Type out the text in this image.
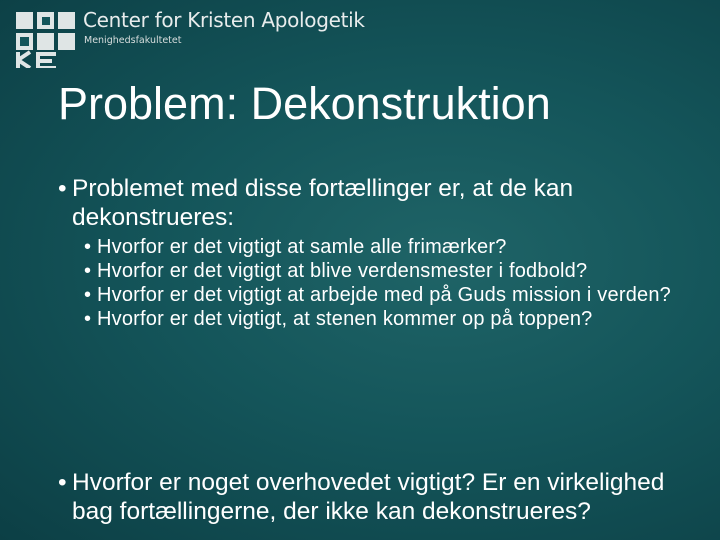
Center for Kristen Apologetik
Menighedsfakultetet
Problem: Dekonstruktion
• Problemet med disse fortællinger er, at de kan dekonstrueres:
• Hvorfor er det vigtigt at samle alle frimærker?
• Hvorfor er det vigtigt at blive verdensmester i fodbold?
• Hvorfor er det vigtigt at arbejde med på Guds mission i verden?
• Hvorfor er det vigtigt, at stenen kommer op på toppen?
• Hvorfor er noget overhovedet vigtigt? Er en virkelighed bag fortællingerne, der ikke kan dekonstrueres?
